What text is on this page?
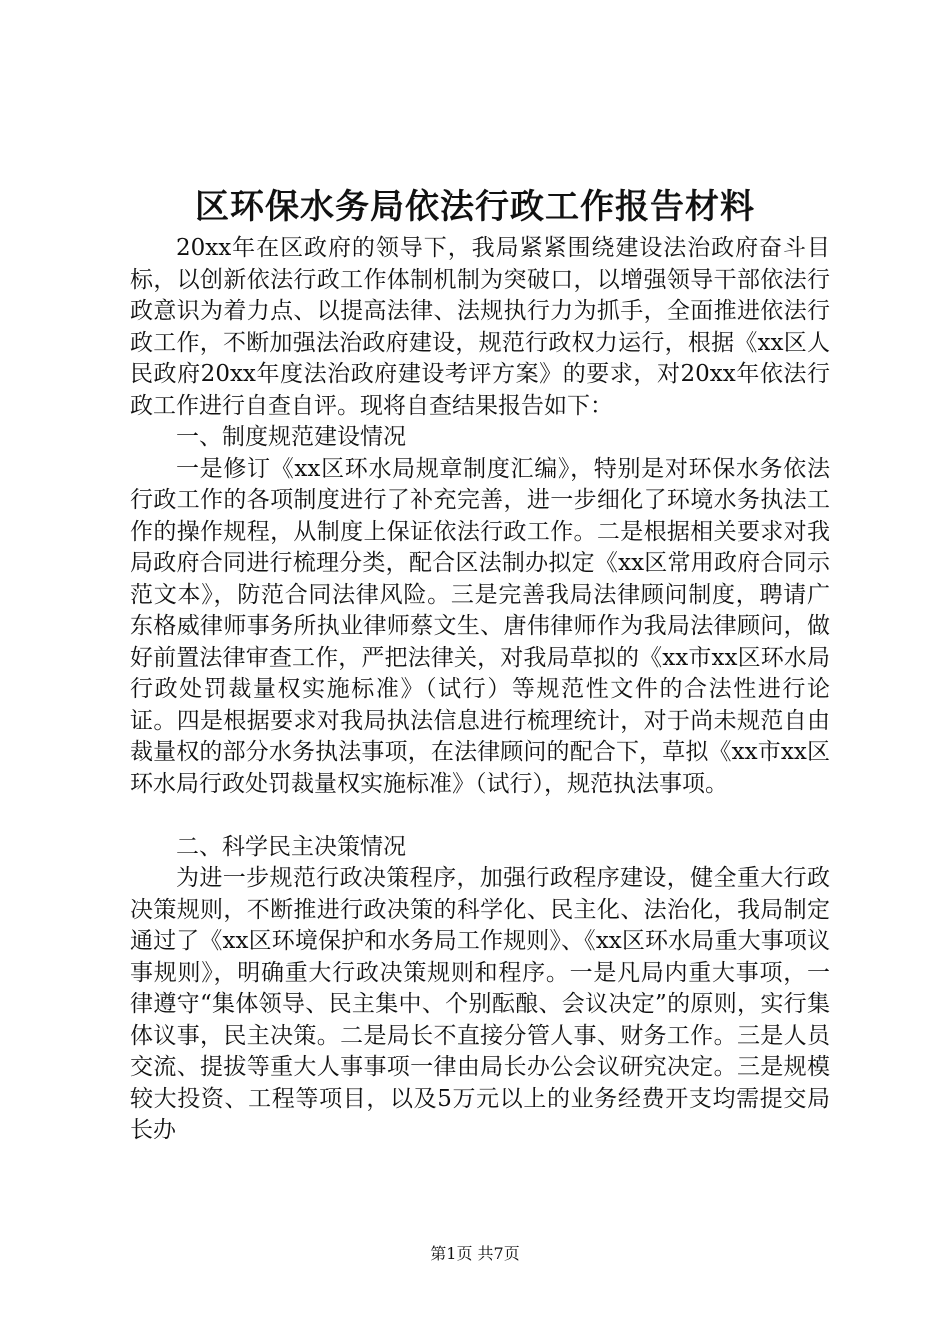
区环保水务局依法行政工作报告材料

20xx年在区政府的领导下，我局紧紧围绕建设法治政府奋斗目标，以创新依法行政工作体制机制为突破口，以增强领导干部依法行政意识为着力点、以提高法律、法规执行力为抓手，全面推进依法行政工作，不断加强法治政府建设，规范行政权力运行，根据《xx区人民政府20xx年度法治政府建设考评方案》的要求，对20xx年依法行政工作进行自查自评。现将自查结果报告如下：

一、制度规范建设情况

一是修订《xx区环水局规章制度汇编》，特别是对环保水务依法行政工作的各项制度进行了补充完善，进一步细化了环境水务执法工作的操作规程，从制度上保证依法行政工作。二是根据相关要求对我局政府合同进行梳理分类，配合区法制办拟定《xx区常用政府合同示范文本》，防范合同法律风险。三是完善我局法律顾问制度，聘请广东格威律师事务所执业律师蔡文生、唐伟律师作为我局法律顾问，做好前置法律审查工作，严把法律关，对我局草拟的《xx市xx区环水局行政处罚裁量权实施标准》（试行）等规范性文件的合法性进行论证。四是根据要求对我局执法信息进行梳理统计，对于尚未规范自由裁量权的部分水务执法事项，在法律顾问的配合下，草拟《xx市xx区环水局行政处罚裁量权实施标准》（试行），规范执法事项。

二、科学民主决策情况

为进一步规范行政决策程序，加强行政程序建设，健全重大行政决策规则，不断推进行政决策的科学化、民主化、法治化，我局制定通过了《xx区环境保护和水务局工作规则》、《xx区环水局重大事项议事规则》，明确重大行政决策规则和程序。一是凡局内重大事项，一律遵守“集体领导、民主集中、个别酝酿、会议决定”的原则，实行集体议事，民主决策。二是局长不直接分管人事、财务工作。三是人员交流、提拔等重大人事事项一律由局长办公会议研究决定。三是规模较大投资、工程等项目，以及5万元以上的业务经费开支均需提交局长办

第1页 共7页
